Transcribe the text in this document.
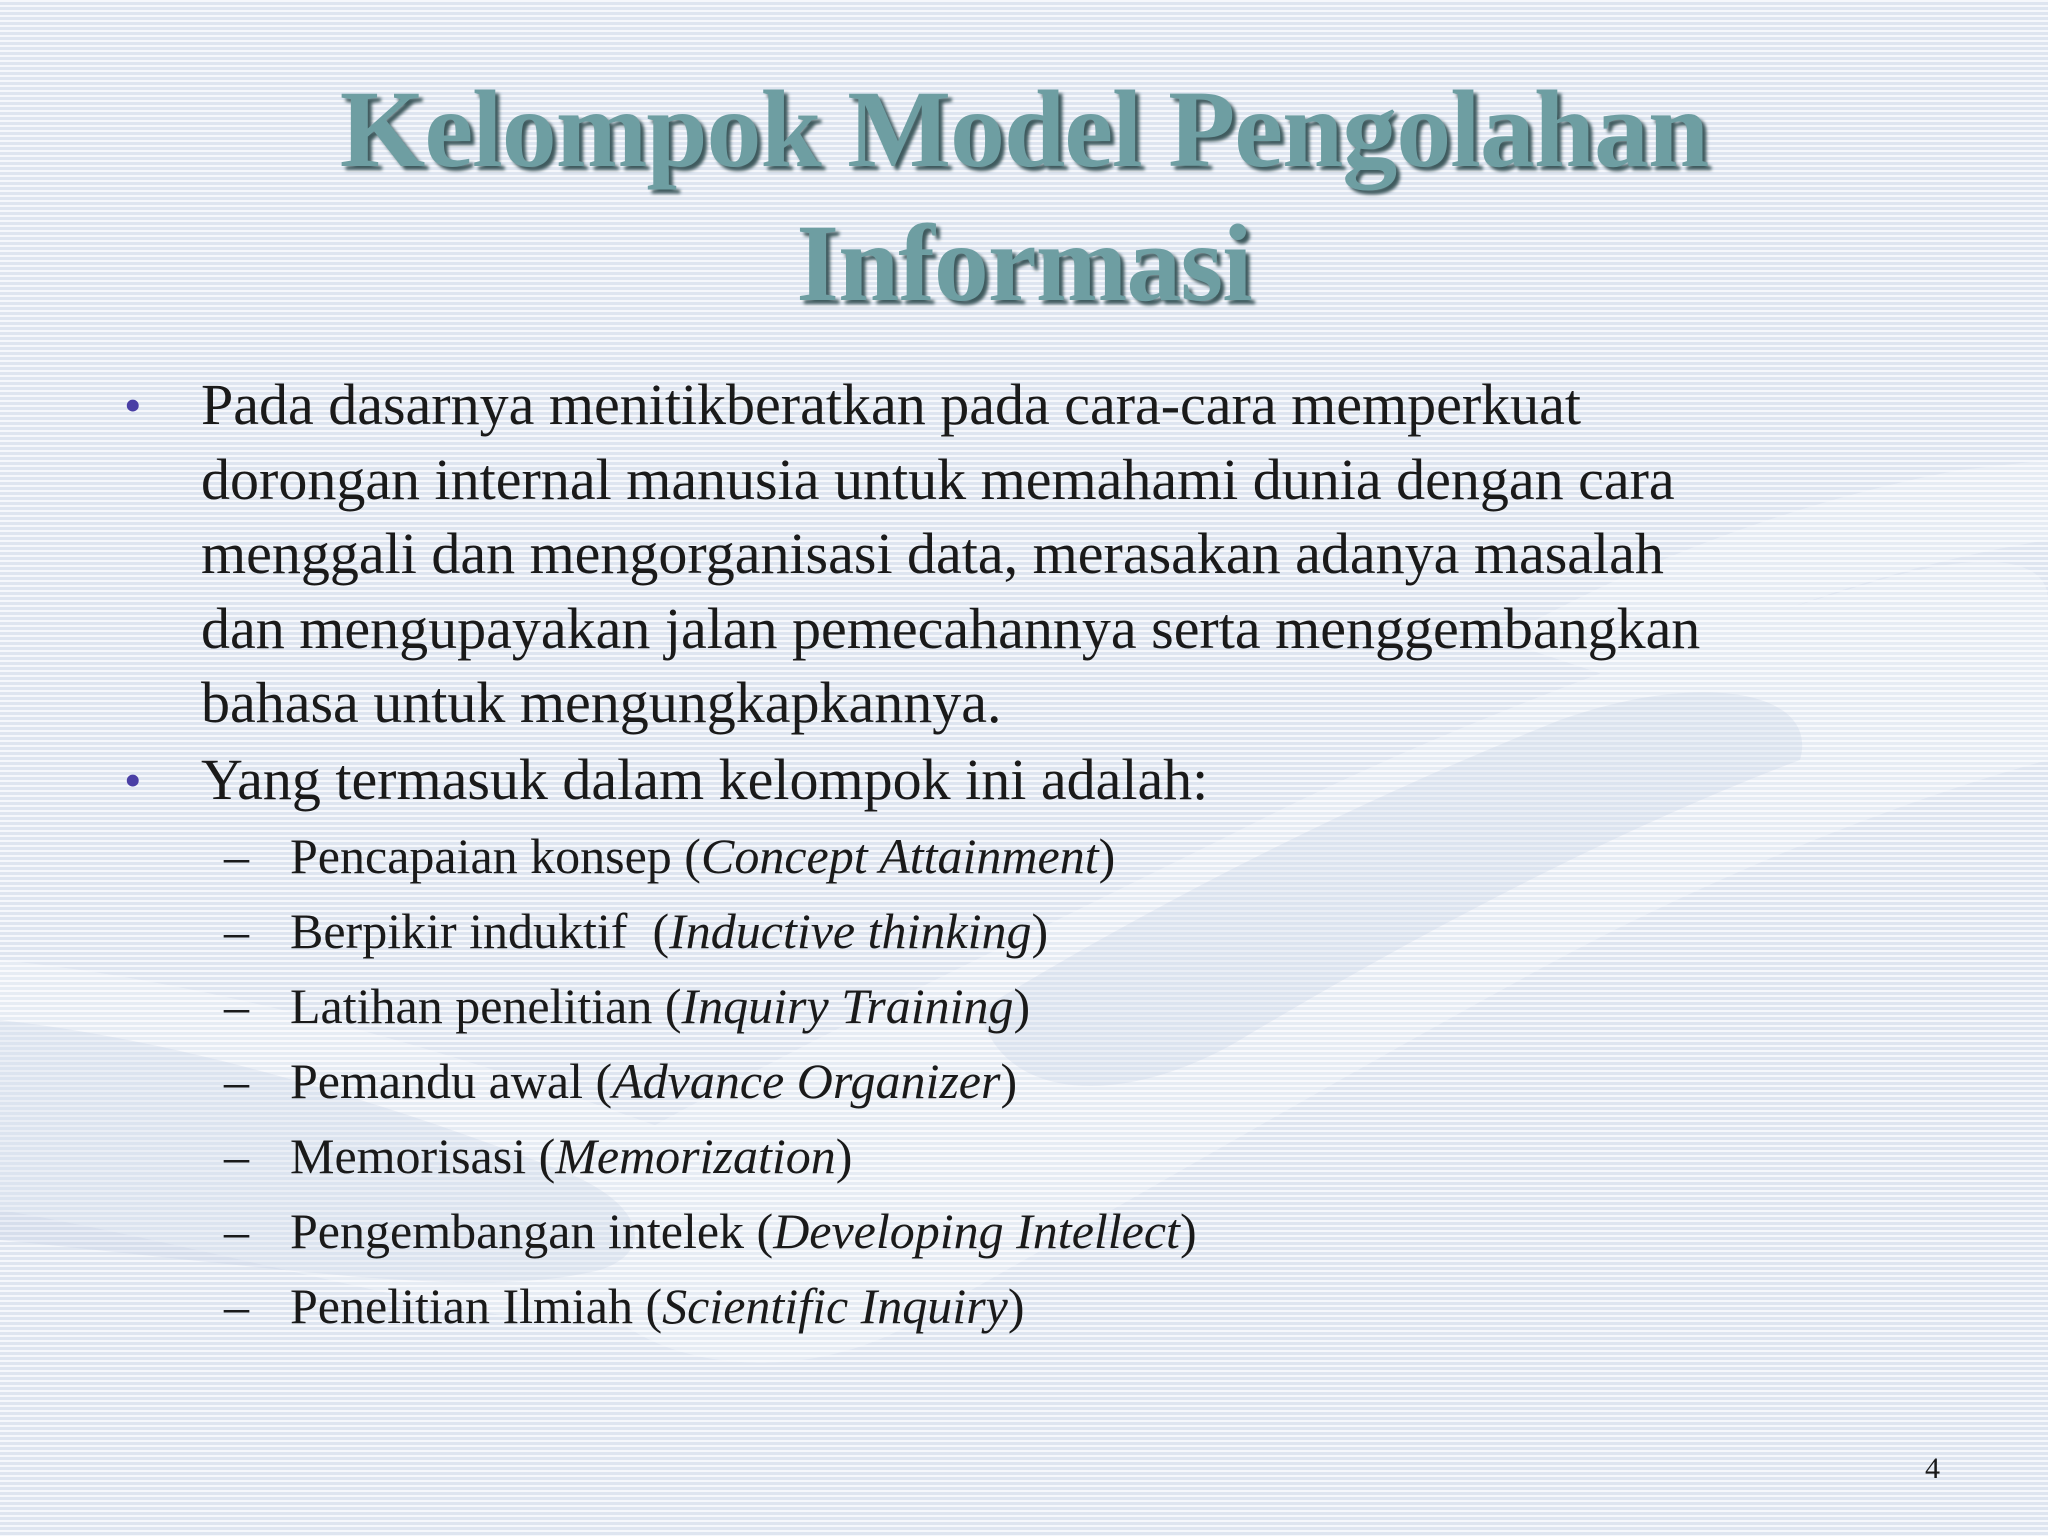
Kelompok Model Pengolahan
Informasi
• Pada dasarnya menitikberatkan pada cara-cara memperkuat
dorongan internal manusia untuk memahami dunia dengan cara
menggali dan mengorganisasi data, merasakan adanya masalah
dan mengupayakan jalan pemecahannya serta menggembangkan
bahasa untuk mengungkapkannya.
• Yang termasuk dalam kelompok ini adalah:
– Pencapaian konsep (Concept Attainment)
– Berpikir induktif  (Inductive thinking)
– Latihan penelitian (Inquiry Training)
– Pemandu awal (Advance Organizer)
– Memorisasi (Memorization)
– Pengembangan intelek (Developing Intellect)
– Penelitian Ilmiah (Scientific Inquiry)
4
